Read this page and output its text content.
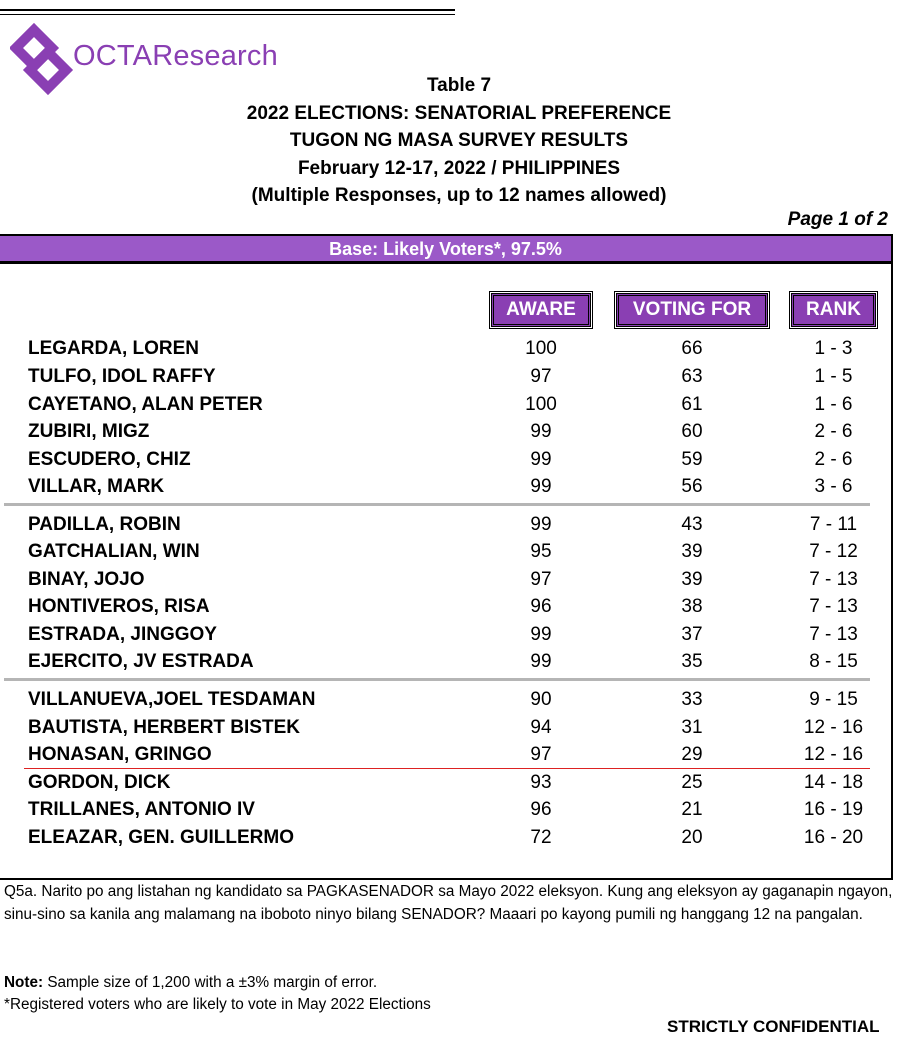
OCTAResearch
Table 7
2022 ELECTIONS: SENATORIAL PREFERENCE
TUGON NG MASA SURVEY RESULTS
February 12-17, 2022 / PHILIPPINES
(Multiple Responses, up to 12 names allowed)
Page 1 of 2
Base: Likely Voters*, 97.5%
AWARE	VOTING FOR	RANK
LEGARDA, LOREN	100	66	1 - 3
TULFO, IDOL RAFFY	97	63	1 - 5
CAYETANO, ALAN PETER	100	61	1 - 6
ZUBIRI, MIGZ	99	60	2 - 6
ESCUDERO, CHIZ	99	59	2 - 6
VILLAR, MARK	99	56	3 - 6
PADILLA, ROBIN	99	43	7 - 11
GATCHALIAN, WIN	95	39	7 - 12
BINAY, JOJO	97	39	7 - 13
HONTIVEROS, RISA	96	38	7 - 13
ESTRADA, JINGGOY	99	37	7 - 13
EJERCITO, JV ESTRADA	99	35	8 - 15
VILLANUEVA,JOEL TESDAMAN	90	33	9 - 15
BAUTISTA, HERBERT BISTEK	94	31	12 - 16
HONASAN, GRINGO	97	29	12 - 16
GORDON, DICK	93	25	14 - 18
TRILLANES, ANTONIO IV	96	21	16 - 19
ELEAZAR, GEN. GUILLERMO	72	20	16 - 20
Q5a. Narito po ang listahan ng kandidato sa PAGKASENADOR sa Mayo 2022 eleksyon. Kung ang eleksyon ay gaganapin ngayon, sinu-sino sa kanila ang malamang na iboboto ninyo bilang SENADOR? Maaari po kayong pumili ng hanggang 12 na pangalan.
Note: Sample size of 1,200 with a ±3% margin of error.
*Registered voters who are likely to vote in May 2022 Elections
STRICTLY CONFIDENTIAL
